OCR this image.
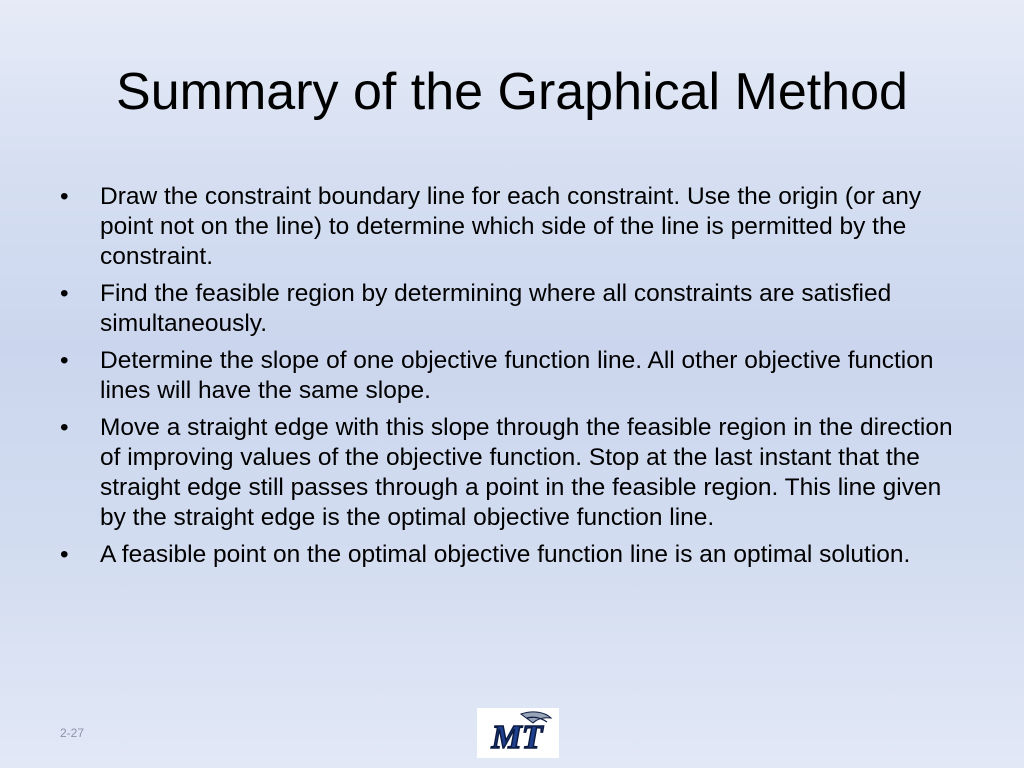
Summary of the Graphical Method
•	Draw the constraint boundary line for each constraint. Use the origin (or any point not on the line) to determine which side of the line is permitted by the constraint.
•	Find the feasible region by determining where all constraints are satisfied simultaneously.
•	Determine the slope of one objective function line. All other objective function lines will have the same slope.
•	Move a straight edge with this slope through the feasible region in the direction of improving values of the objective function. Stop at the last instant that the straight edge still passes through a point in the feasible region. This line given by the straight edge is the optimal objective function line.
•	A feasible point on the optimal objective function line is an optimal solution.
2-27	MT
